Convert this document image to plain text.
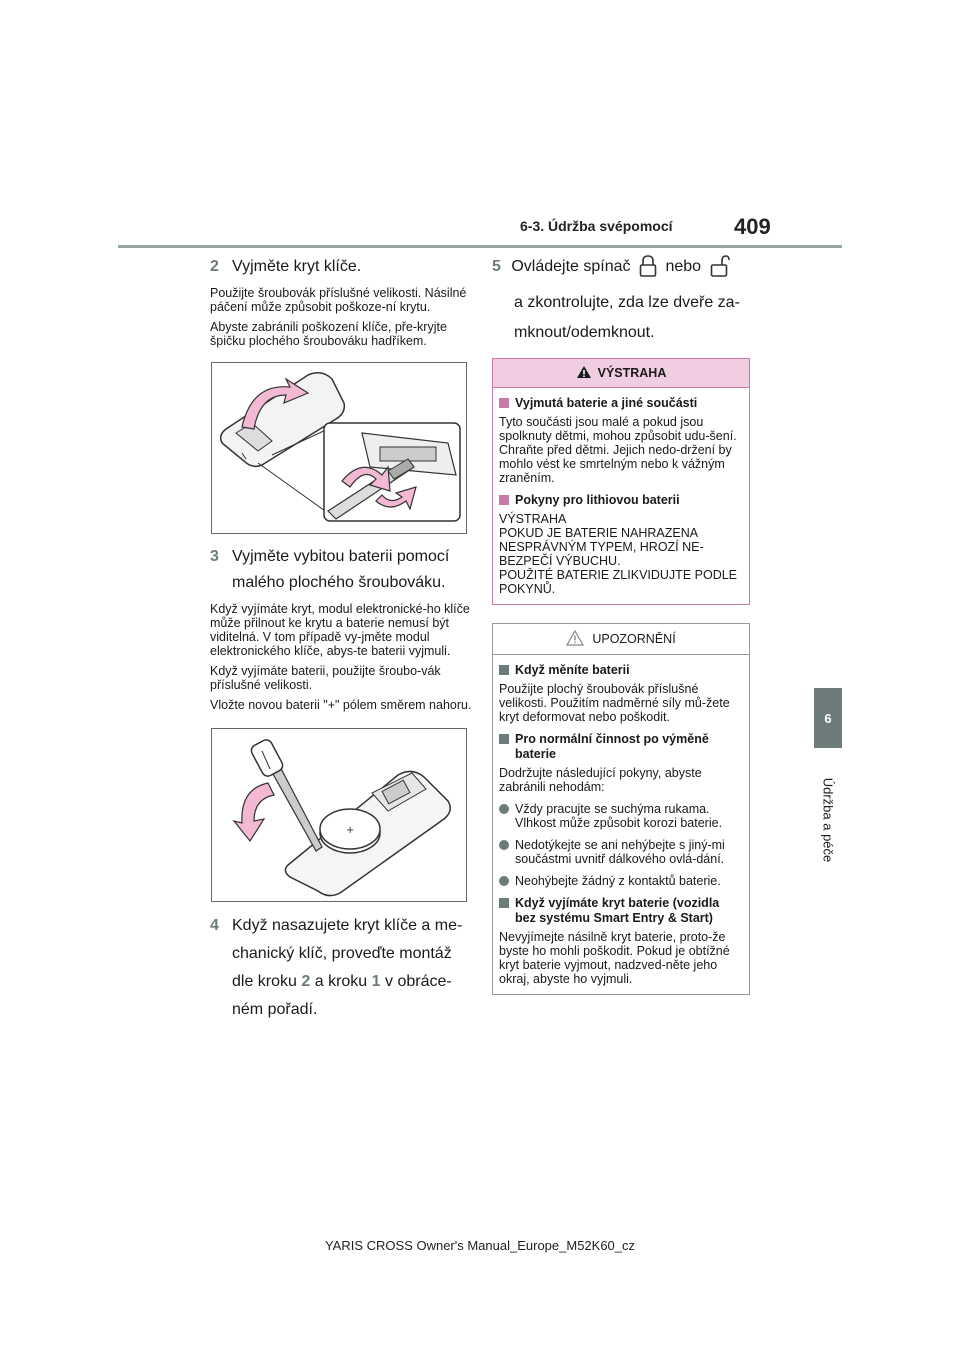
6-3. Údržba svépomocí	409
6
Údržba a péče
2 Vyjměte kryt klíče.

Použijte šroubovák příslušné velikosti. Násilné páčení může způsobit poškoze-ní krytu.

Abyste zabránili poškození klíče, pře-kryjte špičku plochého šroubováku hadříkem.

3 Vyjměte vybitou baterii pomocí malého plochého šroubováku.

Když vyjímáte kryt, modul elektronické-ho klíče může přilnout ke krytu a baterie nemusí být viditelná. V tom případě vy-jměte modul elektronického klíče, abys-te baterii vyjmuli.

Když vyjímáte baterii, použijte šroubo-vák příslušné velikosti.

Vložte novou baterii "+" pólem směrem nahoru.

+
4 Když nasazujete kryt klíče a me-chanický klíč, proveďte montáž dle kroku 2 a kroku 1 v obráce-ném pořadí.
5 Ovládejte spínač nebo
a zkontrolujte, zda lze dveře za-mknout/odemknout.
VÝSTRAHA
Vyjmutá baterie a jiné součásti
Tyto součásti jsou malé a pokud jsou spolknuty dětmi, mohou způsobit udu-šení. Chraňte před dětmi. Jejich nedo-držení by mohlo vést ke smrtelným nebo k vážným zraněním.
Pokyny pro lithiovou baterii
VÝSTRAHA
POKUD JE BATERIE NAHRAZENA NESPRÁVNÝM TYPEM, HROZÍ NE-BEZPEČÍ VÝBUCHU.
POUŽITÉ BATERIE ZLIKVIDUJTE PODLE POKYNŮ.
UPOZORNĚNÍ
Když měníte baterii
Použijte plochý šroubovák příslušné velikosti. Použitím nadměrné síly mů-žete kryt deformovat nebo poškodit.
Pro normální činnost po výměně baterie
Dodržujte následující pokyny, abyste zabránili nehodám:
Vždy pracujte se suchýma rukama. Vlhkost může způsobit korozi baterie.
Nedotýkejte se ani nehýbejte s jiný-mi součástmi uvnitř dálkového ovlá-dání.
Neohýbejte žádný z kontaktů baterie.
Když vyjímáte kryt baterie (vozidla bez systému Smart Entry & Start)
Nevyjímejte násilně kryt baterie, proto-že byste ho mohli poškodit. Pokud je obtížné kryt baterie vyjmout, nadzved-něte jeho okraj, abyste ho vyjmuli.
YARIS CROSS Owner's Manual_Europe_M52K60_cz
